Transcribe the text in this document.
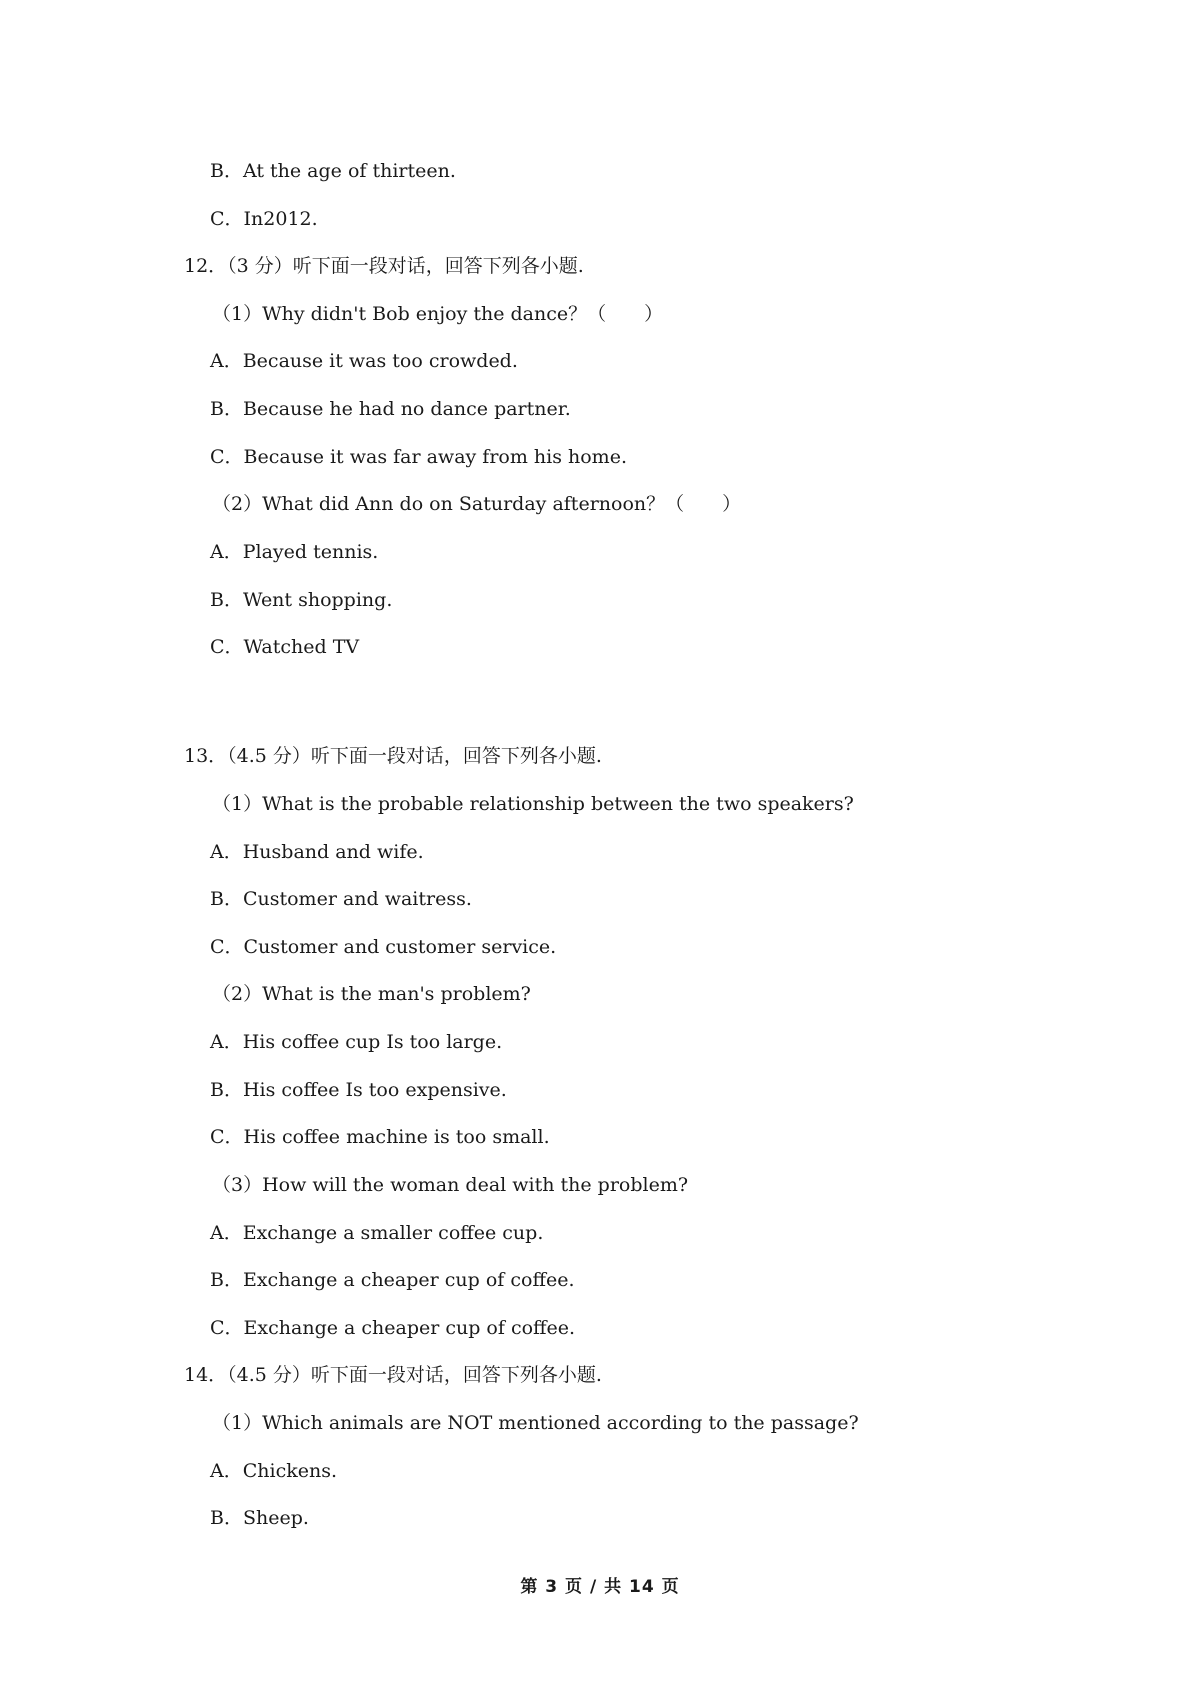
B．At the age of thirteen.
C．In2012.
12．（3 分）听下面一段对话，回答下列各小题.
（1）Why didn't Bob enjoy the dance？（　　）
A．Because it was too crowded.
B．Because he had no dance partner.
C．Because it was far away from his home.
（2）What did Ann do on Saturday afternoon？（　　）
A．Played tennis.
B．Went shopping.
C．Watched TV
13．（4.5 分）听下面一段对话，回答下列各小题.
（1）What is the probable relationship between the two speakers?
A．Husband and wife.
B．Customer and waitress.
C．Customer and customer service.
（2）What is the man's problem?
A．His coffee cup Is too large.
B．His coffee Is too expensive.
C．His coffee machine is too small.
（3）How will the woman deal with the problem?
A．Exchange a smaller coffee cup.
B．Exchange a cheaper cup of coffee.
C．Exchange a cheaper cup of coffee.
14．（4.5 分）听下面一段对话，回答下列各小题.
（1）Which animals are NOT mentioned according to the passage?
A．Chickens.
B．Sheep.
第 3 页 / 共 14 页
